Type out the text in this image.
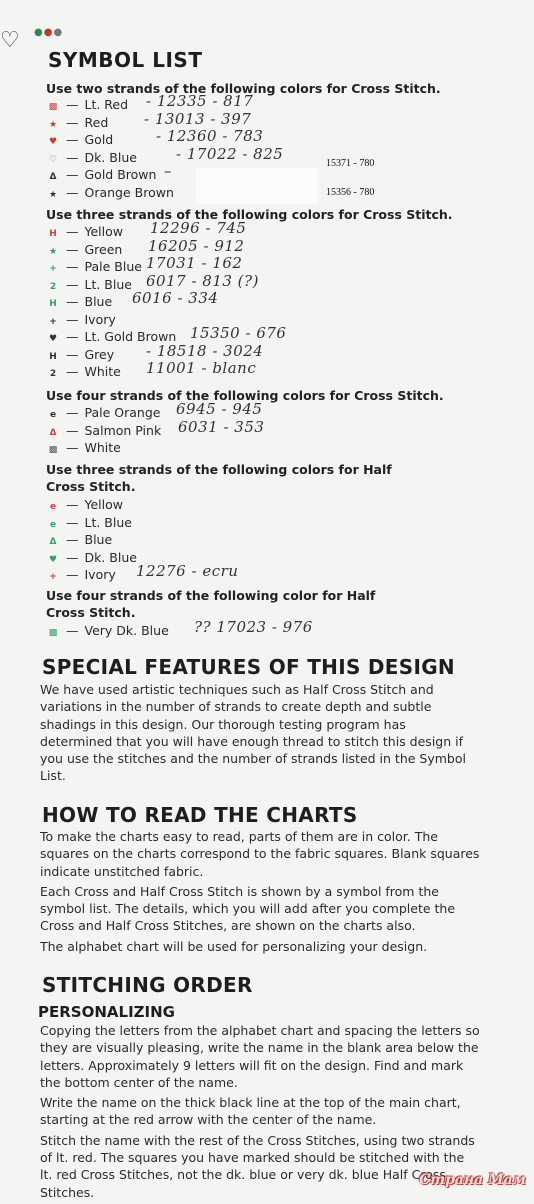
♡ ●●●
SYMBOL LIST
Use two strands of the following colors for Cross Stitch.
▩ — Lt. Red - 12335 - 817
★ — Red - 13013 - 397
♥ — Gold	- 12360 - 783
♡ — Dk. Blue	- 17022 - 825
Δ — Gold Brown –
★ — Orange Brown
Use three strands of the following colors for Cross Stitch.
H — Yellow 12296 - 745
★ — Green 16205 - 912
+ — Pale Blue 17031 - 162
2 — Lt. Blue 6017 - 813 (?)
H — Blue 6016 - 334
+ — Ivory
♥ — Lt. Gold Brown 15350 - 676
H — Grey - 18518 - 3024
2 — White 11001 - blanc
Use four strands of the following colors for Cross Stitch.
e — Pale Orange 6945 - 945
Δ — Salmon Pink 6031 - 353
▩ — White
Use three strands of the following colors for Half Cross Stitch.
e — Yellow
e — Lt. Blue
Δ — Blue
♥ — Dk. Blue
+ — Ivory 12276 - ecru
Use four strands of the following color for Half Cross Stitch.
▩ — Very Dk. Blue ?? 17023 - 976
15371 - 780
15356 - 780
SPECIAL FEATURES OF THIS DESIGN

We have used artistic techniques such as Half Cross Stitch and variations in the number of strands to create depth and subtle shadings in this design. Our thorough testing program has determined that you will have enough thread to stitch this design if you use the stitches and the number of strands listed in the Symbol List.

HOW TO READ THE CHARTS

To make the charts easy to read, parts of them are in color. The squares on the charts correspond to the fabric squares. Blank squares indicate unstitched fabric.

Each Cross and Half Cross Stitch is shown by a symbol from the symbol list. The details, which you will add after you complete the Cross and Half Cross Stitches, are shown on the charts also.

The alphabet chart will be used for personalizing your design.

STITCHING ORDER
PERSONALIZING

Copying the letters from the alphabet chart and spacing the letters so they are visually pleasing, write the name in the blank area below the letters. Approximately 9 letters will fit on the design. Find and mark the bottom center of the name.

Write the name on the thick black line at the top of the main chart, starting at the red arrow with the center of the name.

Stitch the name with the rest of the Cross Stitches, using two strands of lt. red. The squares you have marked should be stitched with the lt. red Cross Stitches, not the dk. blue or very dk. blue Half Cross Stitches.

Страна Мам
